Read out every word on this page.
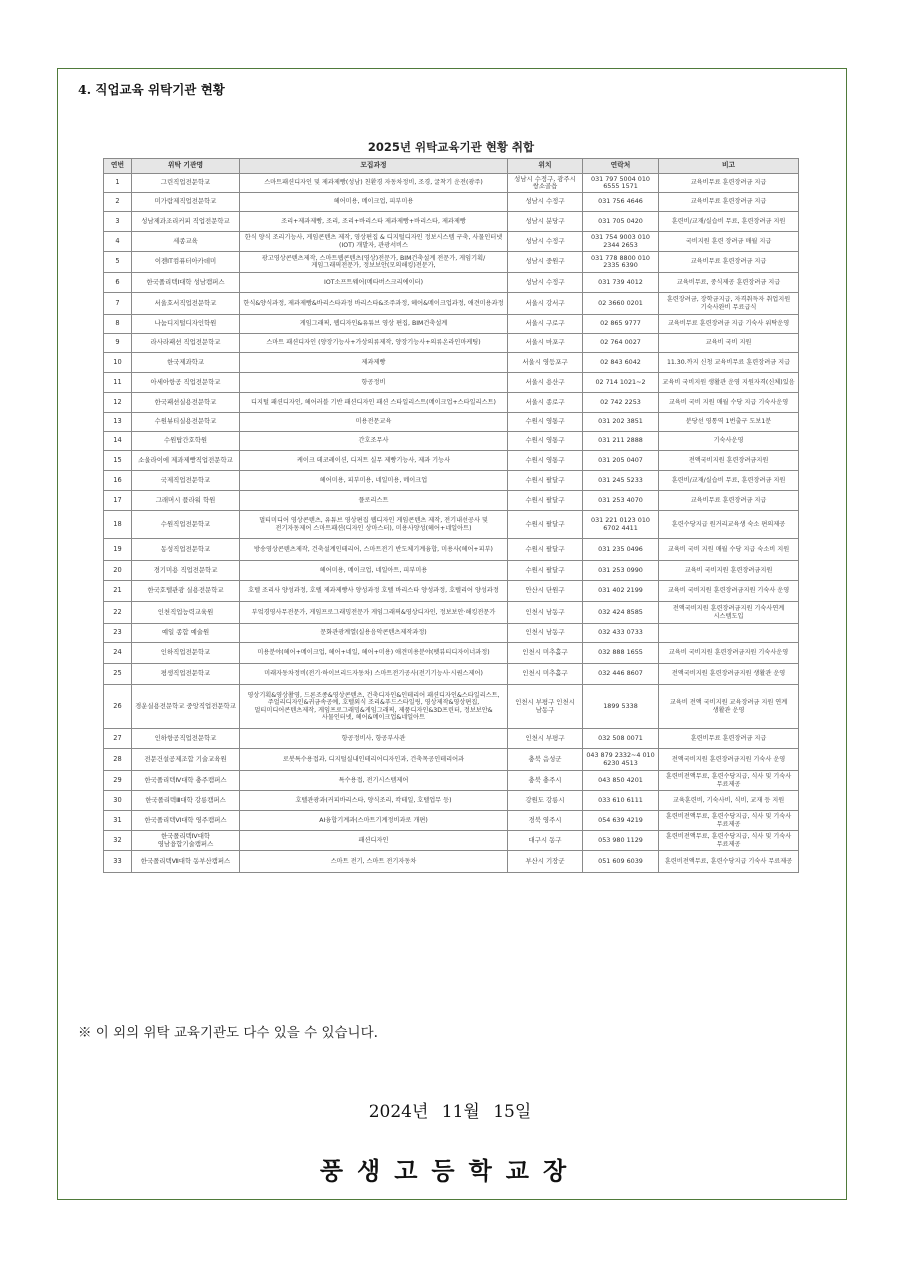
4. 직업교육 위탁기관 현황
2025년 위탁교육기관 현황 취합					
연번	위탁 기관명	모집과정	위치	연락처	비고
1	그린직업전문학교	스마트패션디자인 및 제과제빵(성남) 친환경 자동차정비, 조경, 굴착기 운전(광주)	성남시 수정구, 광주시 쌍소골읍	031 797 5004 010 6555 1571	교육비무료 훈련장려금 지급
2	미가람제직업전문학교	헤어미용, 메이크업, 피부미용	성남시 수정구	031 756 4646	교육비무료 훈련장려금 지급
3	성남제과조리커피 직업전문학교	조리+제과제빵, 조리, 조리+바리스타 제과제빵+바리스타, 제과제빵	성남시 분당구	031 705 0420	훈련비/교재/실습비 무료, 훈련장려금 지원
4	세종교육	한식 양식 조리기능사, 게임콘텐츠 제작, 영상편집 & 디지털디자인 정보시스템 구축, 사물인터넷(IOT) 개발자, 관광서비스	성남시 수정구	031 754 9003 010 2344 2653	국비지원 훈련 장려금 매월 지급
5	이젠IT컴퓨터아카데미	광고영상콘텐츠제작, 스마트웹콘텐츠(영상)전문가, BIM건축설계 전문가, 게임기획/게임그래픽전문가, 정보보안(모의해킹)전문가,	성남시 중원구	031 778 8800 010 2335 6390	교육비무료 훈련장려금 지급
6	한국폴리텍Ⅰ대학 성남캠퍼스	IOT소프트웨어(메타버스크리에이터)	성남시 수정구	031 739 4012	교육비무료, 중식제공 훈련장려금 지급
7	서울호서직업전문학교	한식&양식과정, 제과제빵&바리스타과정 바리스타&조주과정, 헤어&메이크업과정, 애견미용과정	서울시 강서구	02 3660 0201	훈련장려금, 장학금지급, 자격취득자 취업지원 기숙사완비 무료급식
8	나눔디지털디자인학원	게임그래픽, 웹디자인&유튜브 영상 편집, BIM건축설계	서울시 구로구	02 865 9777	교육비무료 훈련장려금 지급 기숙사 위탁운영
9	라사라패션 직업전문학교	스마트 패션디자인 (양장기능사+가상의류제작, 양장기능사+의류온라인마케팅)	서울시 마포구	02 764 0027	교육비 국비 지원
10	한국제과학교	제과제빵	서울시 영등포구	02 843 6042	11.30.까지 신청 교육비무료 훈련장려금 지급
11	아세아항공 직업전문학교	항공정비	서울시 용산구	02 714 1021~2	교육비 국비지원 생활관 운영 지원자격(신체)있음
12	한국패션실용전문학교	디지털 패션디자인, 헤어러블 기반 패션디자인 패션 스타일리스트(메이크업+스타일리스트)	서울시 종로구	02 742 2253	교육비 국비 지원 매월 수당 지급 기숙사운영
13	수원뷰티실용전문학교	미용전문교육	수원시 영통구	031 202 3851	분당선 영통역 1번출구 도보1분
14	수원탑간호학원	간호조무사	수원시 영통구	031 211 2888	기숙사운영
15	소울라이에 제과제빵직업전문학교	케이크 데코레이션, 디저트 실무 제빵기능사, 제과 기능사	수원시 영통구	031 205 0407	전액국비지원 훈련장려금지원
16	국제직업전문학교	헤어미용, 피부미용, 네일미용, 메이크업	수원시 팔달구	031 245 5233	훈련비/교재/실습비 무료, 훈련장려금 지원
17	그래머시 플라워 학원	플로리스트	수원시 팔달구	031 253 4070	교육비무료 훈련장려금 지급
18	수원직업전문학교	멀티미디어 영상콘텐츠, 유튜브 영상편집 웹디자인 게임콘텐츠 제작, 전기내선공사 및 전기자동제어 스마트패션(디자인 상마스터), 미용사양성(헤어+네일아트)	수원시 팔달구	031 221 0123 010 6702 4411	훈련수당지급 원거리교육생 숙소 편의제공
19	동성직업전문학교	방송영상콘텐츠제작, 건축설계인테리어, 스마트전기 반도체기계융합, 미용사(헤어+피부)	수원시 팔달구	031 235 0496	교육비 국비 지원 매월 수당 지급 숙소비 지원
20	경기미용 직업전문학교	헤어미용, 메이크업, 네일아트, 피부미용	수원시 팔달구	031 253 0990	교육비 국비지원 훈련장려금지원
21	한국호텔관광 실용전문학교	호텔 조리사 양성과정, 호텔 제과제빵사 양성과정 호텔 바리스타 양성과정, 호텔리어 양성과정	안산시 단원구	031 402 2199	교육비 국비지원 훈련장려금지원 기숙사 운영
22	인천직업능력교육원	부엌경영사무전문가, 게임프로그래밍전문가 게임그래픽&영상디자인, 정보보안·해킹전문가	인천시 남동구	032 424 8585	전액국비지원 훈련장려금지원 기숙사연계 시스템도입
23	예일 종합 예술원	문화관광계열(실용음악콘텐츠제작과정)	인천시 남동구	032 433 0733	
24	인하직업전문학교	미용분야(헤어+메이크업, 헤어+네일, 헤어+미용) 애견미용분야(펫뷰티디자이너과정)	인천시 미추홀구	032 888 1655	교육비 국비지원 훈련장려금지원 기숙사운영
25	평생직업전문학교	미래자동차정비(전기·하이브리드자동차) 스마트전기공사(전기기능사·시퀀스제어)	인천시 미추홀구	032 446 8607	전액국비지원 훈련장려금지원 생활관 운영
26	경운실용전문학교 중앙직업전문학교	영상기획&영상촬영, 드론조종&영상콘텐츠, 건축디자인&인테리어 패션디자인&스타일리스트, 주얼리디자인&귀금속공예, 호텔외식 조리&푸드스타일링, 영상제작&영상편집, 멀티미디어콘텐츠제작, 게임프로그래밍&게임그래픽, 제품디자인&3D프린터, 정보보안& 사물인터넷, 헤어&메이크업&네일아트	인천시 부평구 인천시 남동구	1899 5338	교육비 전액 국비지원 교육장려금 지원 연계 생활관 운영
27	인하항공직업전문학교	항공정비사, 항공부사관	인천시 부평구	032 508 0071	훈련비무료 훈련장려금 지급
28	전문건설공제조합 기술교육원	로봇특수용접과, 디지털실내인테리어디자인과, 건축목공인테리어과	충북 음성군	043 879 2332~4 010 6230 4513	전액국비지원 훈련장려금지원 기숙사 운영
29	한국폴리텍Ⅳ대학 충주캠퍼스	특수용접, 전기시스템제어	충북 충주시	043 850 4201	훈련비전액무료, 훈련수당지급, 식사 및 기숙사 무료제공
30	한국폴리텍Ⅲ대학 강릉캠퍼스	호텔관광과(커피바리스타, 양식조리, 칵테일, 호텔업무 등)	강원도 강릉시	033 610 6111	교육훈련비, 기숙사비, 식비, 교재 등 지원
31	한국폴리텍Ⅵ대학 영주캠퍼스	AI융합기계과(스마트기계정비과로 개편)	경북 영주시	054 639 4219	훈련비전액무료, 훈련수당지급, 식사 및 기숙사 무료제공
32	한국폴리텍Ⅳ대학 영남융합기술캠퍼스	패션디자인	대구시 동구	053 980 1129	훈련비전액무료, 훈련수당지급, 식사 및 기숙사 무료제공
33	한국폴리텍Ⅶ대학 동부산캠퍼스	스마트 전기, 스마트 전기자동차	부산시 기장군	051 609 6039	훈련비전액무료, 훈련수당지급 기숙사 무료제공
※ 이 외의 위탁 교육기관도 다수 있을 수 있습니다.
2024년 11월 15일
풍생고등학교장
